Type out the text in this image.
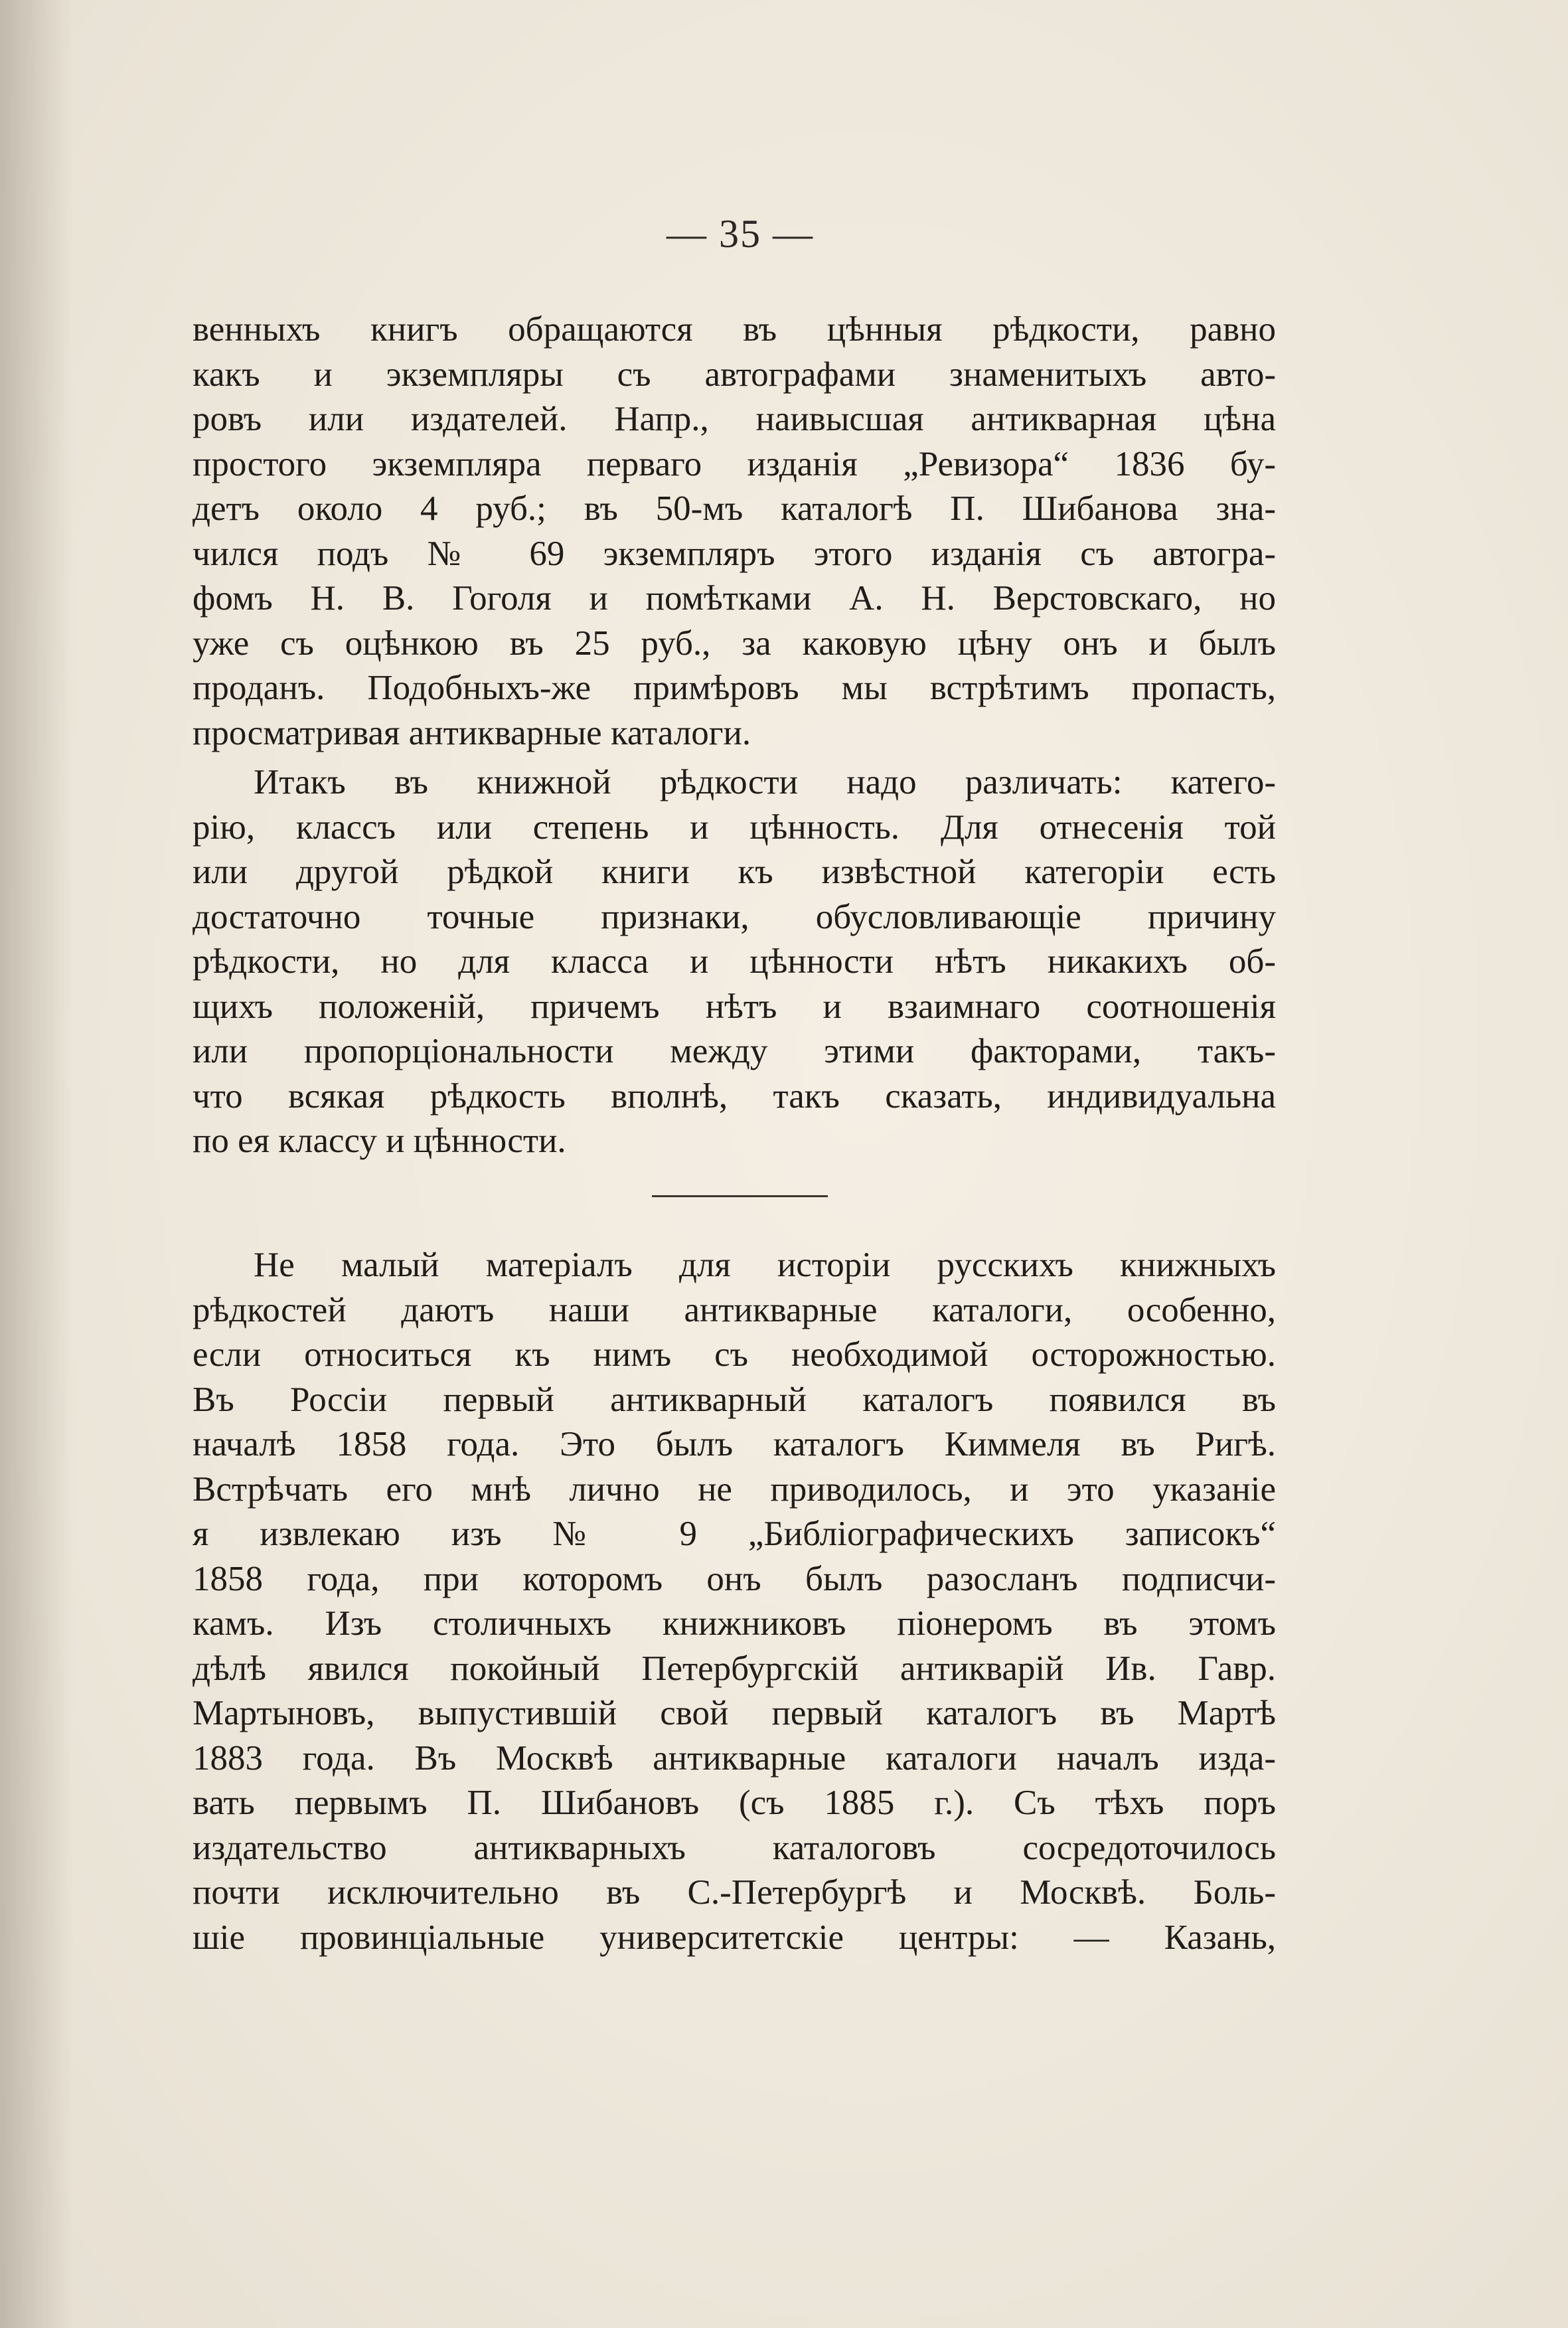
— 35 —
венныхъ книгъ обращаются въ цѣнныя рѣдкости, равно
какъ и экземпляры съ автографами знаменитыхъ авто-
ровъ или издателей. Напр., наивысшая антикварная цѣна
простого экземпляра перваго изданія „Ревизора“ 1836 бу-
детъ около 4 руб.; въ 50-мъ каталогѣ П. Шибанова зна-
чился подъ № 69 экземпляръ этого изданія съ автогра-
фомъ Н. В. Гоголя и помѣтками А. Н. Верстовскаго, но
уже съ оцѣнкою въ 25 руб., за каковую цѣну онъ и былъ
проданъ. Подобныхъ-же примѣровъ мы встрѣтимъ пропасть,
просматривая антикварные каталоги.
Итакъ въ книжной рѣдкости надо различать: катего-
рію, классъ или степень и цѣнность. Для отнесенія той
или другой рѣдкой книги къ извѣстной категоріи есть
достаточно точные признаки, обусловливающіе причину
рѣдкости, но для класса и цѣнности нѣтъ никакихъ об-
щихъ положеній, причемъ нѣтъ и взаимнаго соотношенія
или пропорціональности между этими факторами, такъ-
что всякая рѣдкость вполнѣ, такъ сказать, индивидуальна
по ея классу и цѣнности.
Не малый матеріалъ для исторіи русскихъ книжныхъ
рѣдкостей даютъ наши антикварные каталоги, особенно,
если относиться къ нимъ съ необходимой осторожностью.
Въ Россіи первый антикварный каталогъ появился въ
началѣ 1858 года. Это былъ каталогъ Киммеля въ Ригѣ.
Встрѣчать его мнѣ лично не приводилось, и это указаніе
я извлекаю изъ № 9 „Библіографическихъ записокъ“
1858 года, при которомъ онъ былъ разосланъ подписчи-
камъ. Изъ столичныхъ книжниковъ піонеромъ въ этомъ
дѣлѣ явился покойный Петербургскій антикварій Ив. Гавр.
Мартыновъ, выпустившій свой первый каталогъ въ Мартѣ
1883 года. Въ Москвѣ антикварные каталоги началъ изда-
вать первымъ П. Шибановъ (съ 1885 г.). Съ тѣхъ поръ
издательство антикварныхъ каталоговъ сосредоточилось
почти исключительно въ С.-Петербургѣ и Москвѣ. Боль-
шіе провинціальные университетскіе центры: — Казань,
